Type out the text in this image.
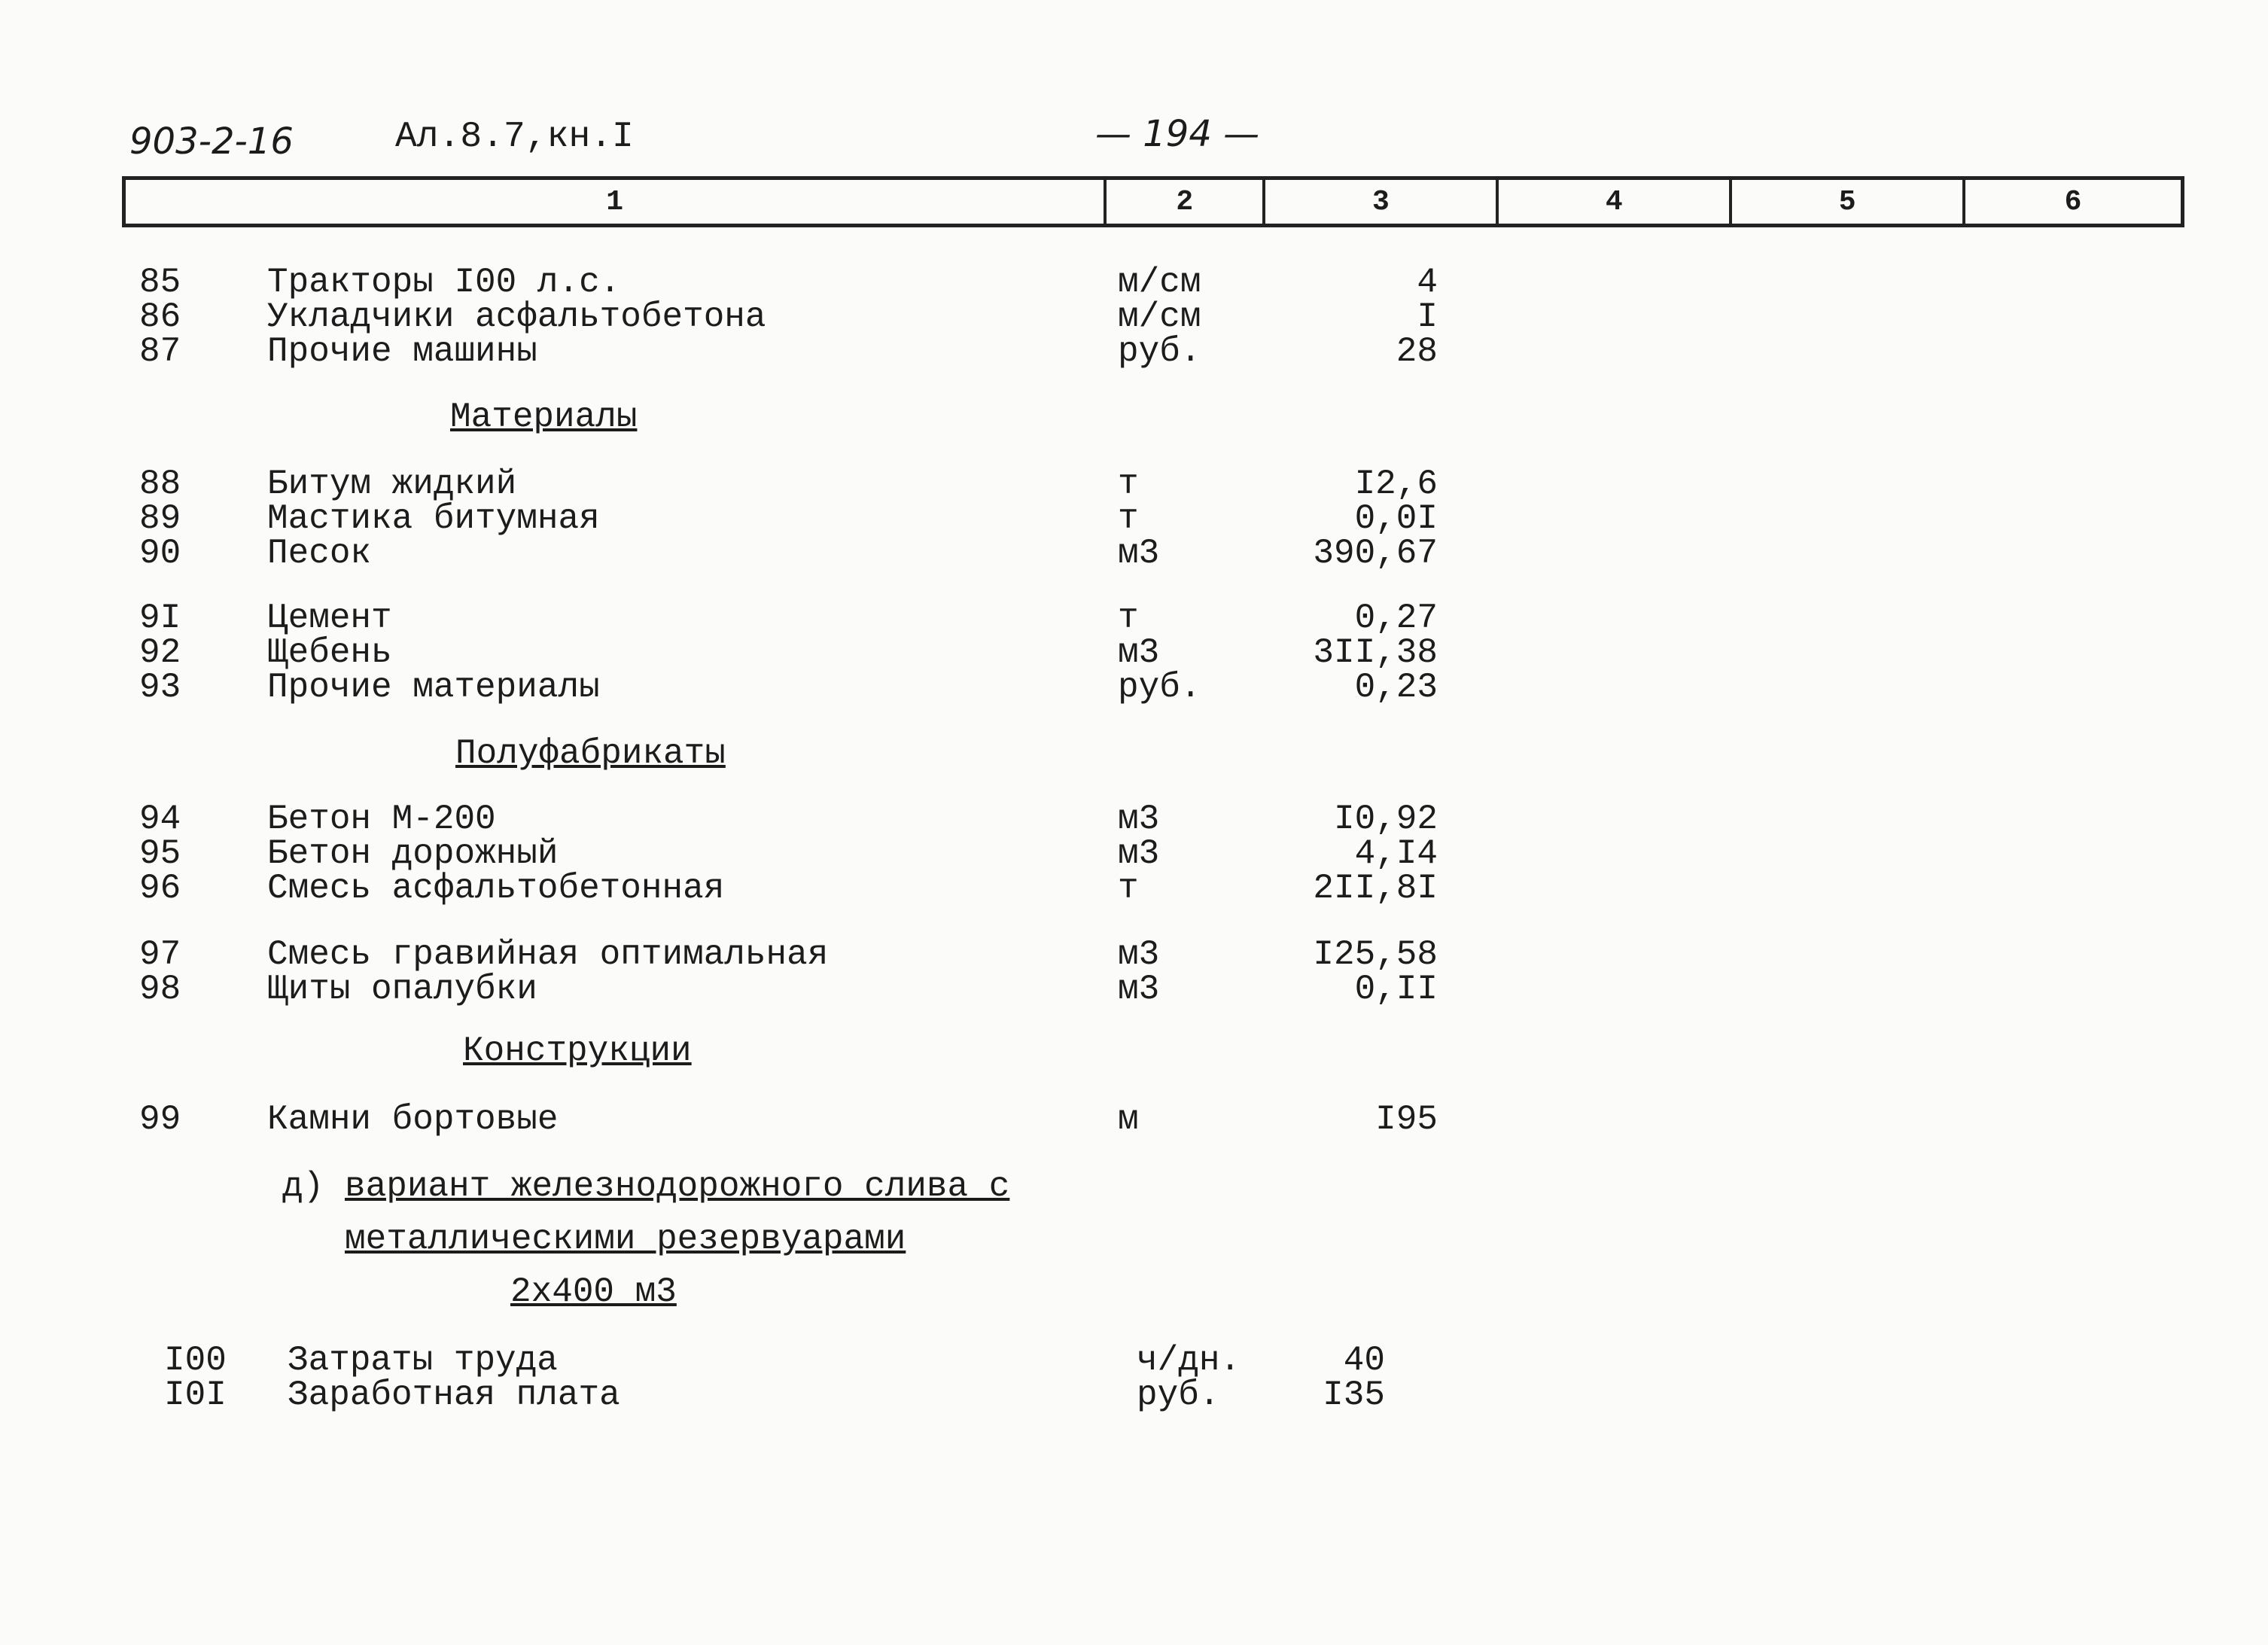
903-2-16	Ал.8.7,кн.I	— 194 —
1	2	3	4	5	6
85 Тракторы I00 л.с.	м/см	4
86 Укладчики асфальтобетона	м/см	I
87 Прочие машины	руб.	28
Материалы
88 Битум жидкий	т	I2,6
89 Мастика битумная	т	0,0I
90 Песок	м3	390,67
9I Цемент	т	0,27
92 Щебень	м3	3II,38
93 Прочие материалы	руб.	0,23
Полуфабрикаты
94 Бетон М-200	м3	I0,92
95 Бетон дорожный	м3	4,I4
96 Смесь асфальтобетонная	т	2II,8I
97 Смесь гравийная оптимальная	м3	I25,58
98 Щиты опалубки	м3	0,II
Конструкции
99 Камни бортовые	м	I95
д) вариант железнодорожного слива с
металлическими резервуарами
2х400 м3
I00 Затраты труда	ч/дн.	40
I0I Заработная плата	руб.	I35
